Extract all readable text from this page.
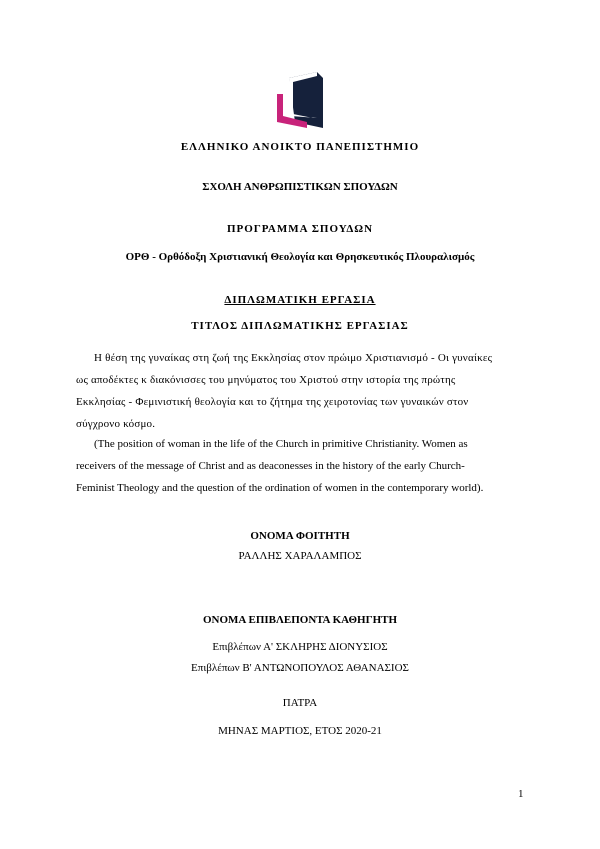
ΕΛΛΗΝΙΚΟ ΑΝΟΙΚΤΟ ΠΑΝΕΠΙΣΤΗΜΙΟ
ΣΧΟΛΗ ΑΝΘΡΩΠΙΣΤΙΚΩΝ ΣΠΟΥΔΩΝ
ΠΡΟΓΡΑΜΜΑ ΣΠΟΥΔΩΝ
ΟΡΘ - Ορθόδοξη Χριστιανική Θεολογία και Θρησκευτικός Πλουραλισμός
ΔΙΠΛΩΜΑΤΙΚΗ ΕΡΓΑΣΙΑ
ΤΙΤΛΟΣ ΔΙΠΛΩΜΑΤΙΚΗΣ ΕΡΓΑΣΙΑΣ
Η θέση της γυναίκας στη ζωή της Εκκλησίας στον πρώιμο Χριστιανισμό - Οι γυναίκες
ως αποδέκτες κ διακόνισσες του μηνύματος του Χριστού στην ιστορία της πρώτης
Εκκλησίας - Φεμινιστική θεολογία και το ζήτημα της χειροτονίας των γυναικών στον
σύγχρονο κόσμο.
(The position of woman in the life of the Church in primitive Christianity. Women as
receivers of the message of Christ and as deaconesses in the history of the early Church-
Feminist Theology and the question of the ordination of women in the contemporary world).
ΟΝΟΜΑ ΦΟΙΤΗΤΗ
ΡΑΛΛΗΣ ΧΑΡΑΛΑΜΠΟΣ
ΟΝΟΜΑ ΕΠΙΒΛΕΠΟΝΤΑ ΚΑΘΗΓΗΤΗ
Επιβλέπων Α' ΣΚΛΗΡΗΣ ΔΙΟΝΥΣΙΟΣ
Επιβλέπων Β' ΑΝΤΩΝΟΠΟΥΛΟΣ ΑΘΑΝΑΣΙΟΣ
ΠΑΤΡΑ
ΜΗΝΑΣ ΜΑΡΤΙΟΣ, ΕΤΟΣ 2020-21
1
